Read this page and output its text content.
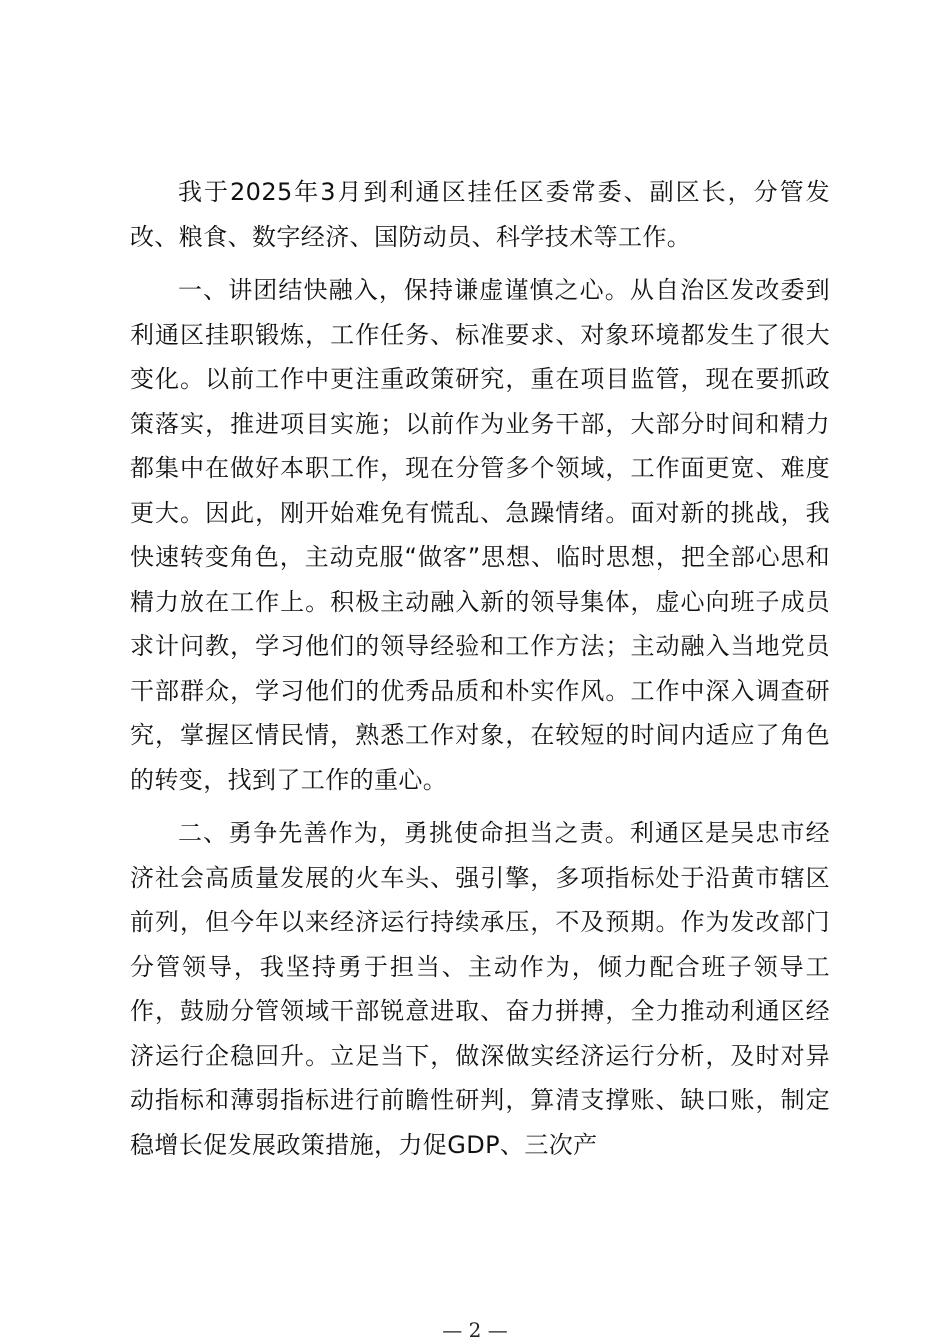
我于2025年3月到利通区挂任区委常委、副区长，分管发改、粮食、数字经济、国防动员、科学技术等工作。

一、讲团结快融入，保持谦虚谨慎之心。从自治区发改委到利通区挂职锻炼，工作任务、标准要求、对象环境都发生了很大变化。以前工作中更注重政策研究，重在项目监管，现在要抓政策落实，推进项目实施；以前作为业务干部，大部分时间和精力都集中在做好本职工作，现在分管多个领域，工作面更宽、难度更大。因此，刚开始难免有慌乱、急躁情绪。面对新的挑战，我快速转变角色，主动克服“做客”思想、临时思想，把全部心思和精力放在工作上。积极主动融入新的领导集体，虚心向班子成员求计问教，学习他们的领导经验和工作方法；主动融入当地党员干部群众，学习他们的优秀品质和朴实作风。工作中深入调查研究，掌握区情民情，熟悉工作对象，在较短的时间内适应了角色的转变，找到了工作的重心。

二、勇争先善作为，勇挑使命担当之责。利通区是吴忠市经济社会高质量发展的火车头、强引擎，多项指标处于沿黄市辖区前列，但今年以来经济运行持续承压，不及预期。作为发改部门分管领导，我坚持勇于担当、主动作为，倾力配合班子领导工作，鼓励分管领域干部锐意进取、奋力拼搏，全力推动利通区经济运行企稳回升。立足当下，做深做实经济运行分析，及时对异动指标和薄弱指标进行前瞻性研判，算清支撑账、缺口账，制定稳增长促发展政策措施，力促GDP、三次产

— 2 —
